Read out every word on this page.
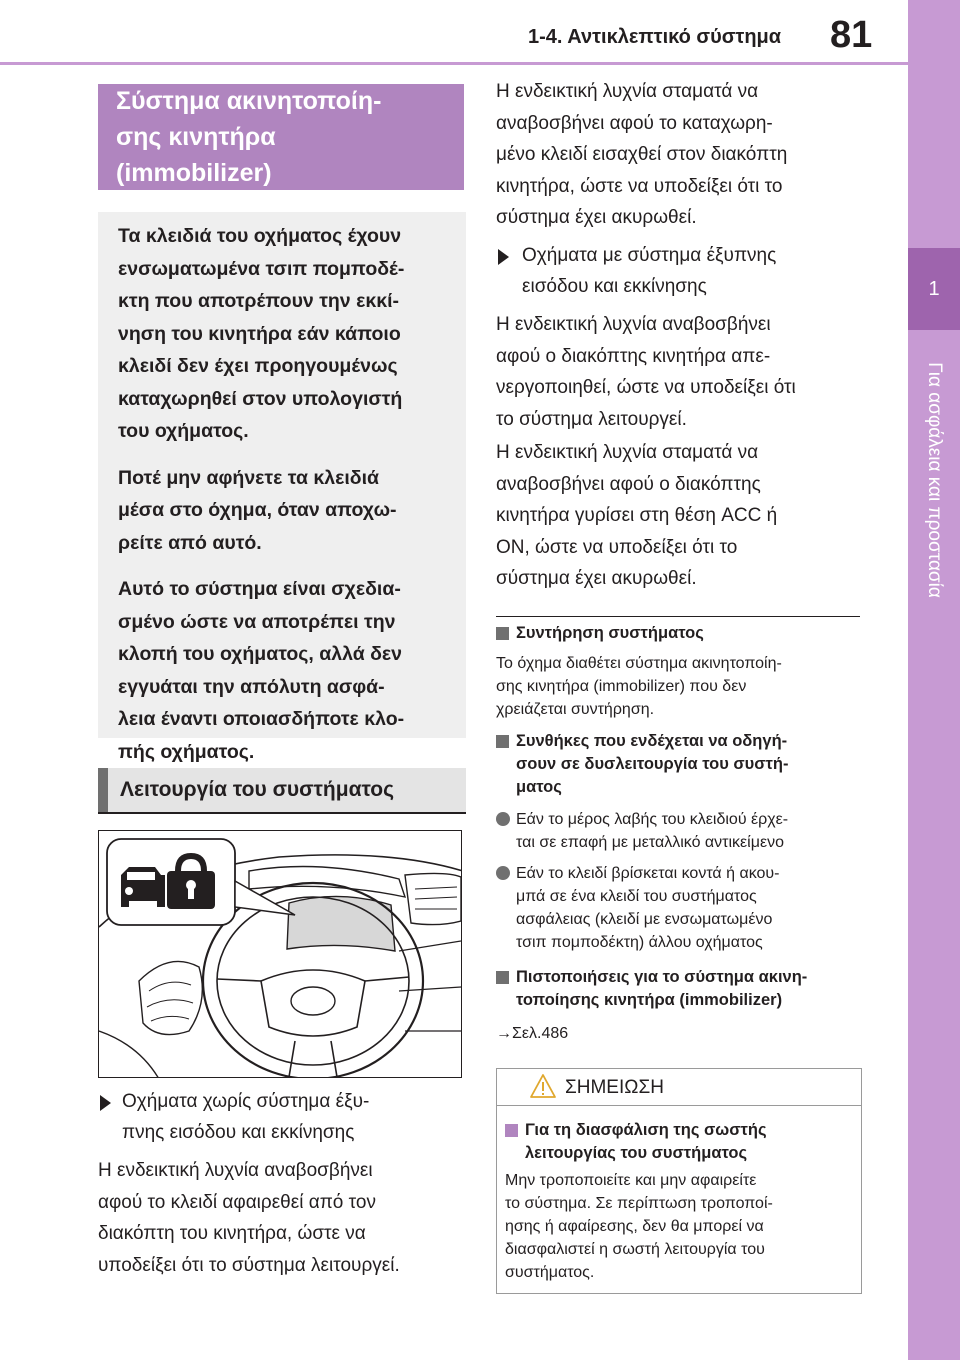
1-4. Αντικλεπτικό σύστημα 81
1
Για ασφάλεια και προστασία
Σύστημα ακινητοποίη-
σης κινητήρα
(immobilizer)

Τα κλειδιά του οχήματος έχουν
ενσωματωμένα τσιπ πομποδέ-
κτη που αποτρέπουν την εκκί-
νηση του κινητήρα εάν κάποιο
κλειδί δεν έχει προηγουμένως
καταχωρηθεί στον υπολογιστή
του οχήματος.

Ποτέ μην αφήνετε τα κλειδιά
μέσα στο όχημα, όταν αποχω-
ρείτε από αυτό.

Αυτό το σύστημα είναι σχεδια-
σμένο ώστε να αποτρέπει την
κλοπή του οχήματος, αλλά δεν
εγγυάται την απόλυτη ασφά-
λεια έναντι οποιασδήποτε κλο-
πής οχήματος.

Λειτουργία του συστήματος
Οχήματα χωρίς σύστημα έξυ-
πνης εισόδου και εκκίνησης
Η ενδεικτική λυχνία αναβοσβήνει
αφού το κλειδί αφαιρεθεί από τον
διακόπτη του κινητήρα, ώστε να
υποδείξει ότι το σύστημα λειτουργεί.
Η ενδεικτική λυχνία σταματά να
αναβοσβήνει αφού το καταχωρη-
μένο κλειδί εισαχθεί στον διακόπτη
κινητήρα, ώστε να υποδείξει ότι το
σύστημα έχει ακυρωθεί.
Οχήματα με σύστημα έξυπνης
εισόδου και εκκίνησης
Η ενδεικτική λυχνία αναβοσβήνει
αφού ο διακόπτης κινητήρα απε-
νεργοποιηθεί, ώστε να υποδείξει ότι
το σύστημα λειτουργεί.
Η ενδεικτική λυχνία σταματά να
αναβοσβήνει αφού ο διακόπτης
κινητήρα γυρίσει στη θέση ACC ή
ON, ώστε να υποδείξει ότι το
σύστημα έχει ακυρωθεί.
Συντήρηση συστήματος
Το όχημα διαθέτει σύστημα ακινητοποίη-
σης κινητήρα (immobilizer) που δεν
χρειάζεται συντήρηση.
Συνθήκες που ενδέχεται να οδηγή-
σουν σε δυσλειτουργία του συστή-
ματος
Εάν το μέρος λαβής του κλειδιού έρχε-
ται σε επαφή με μεταλλικό αντικείμενο
Εάν το κλειδί βρίσκεται κοντά ή ακου-
μπά σε ένα κλειδί του συστήματος
ασφάλειας (κλειδί με ενσωματωμένο
τσιπ πομποδέκτη) άλλου οχήματος
Πιστοποιήσεις για το σύστημα ακινη-
τοποίησης κινητήρα (immobilizer)
→Σελ.486
ΣΗΜΕΙΩΣΗ
Για τη διασφάλιση της σωστής
λειτουργίας του συστήματος
Μην τροποποιείτε και μην αφαιρείτε
το σύστημα. Σε περίπτωση τροποποί-
ησης ή αφαίρεσης, δεν θα μπορεί να
διασφαλιστεί η σωστή λειτουργία του
συστήματος.
